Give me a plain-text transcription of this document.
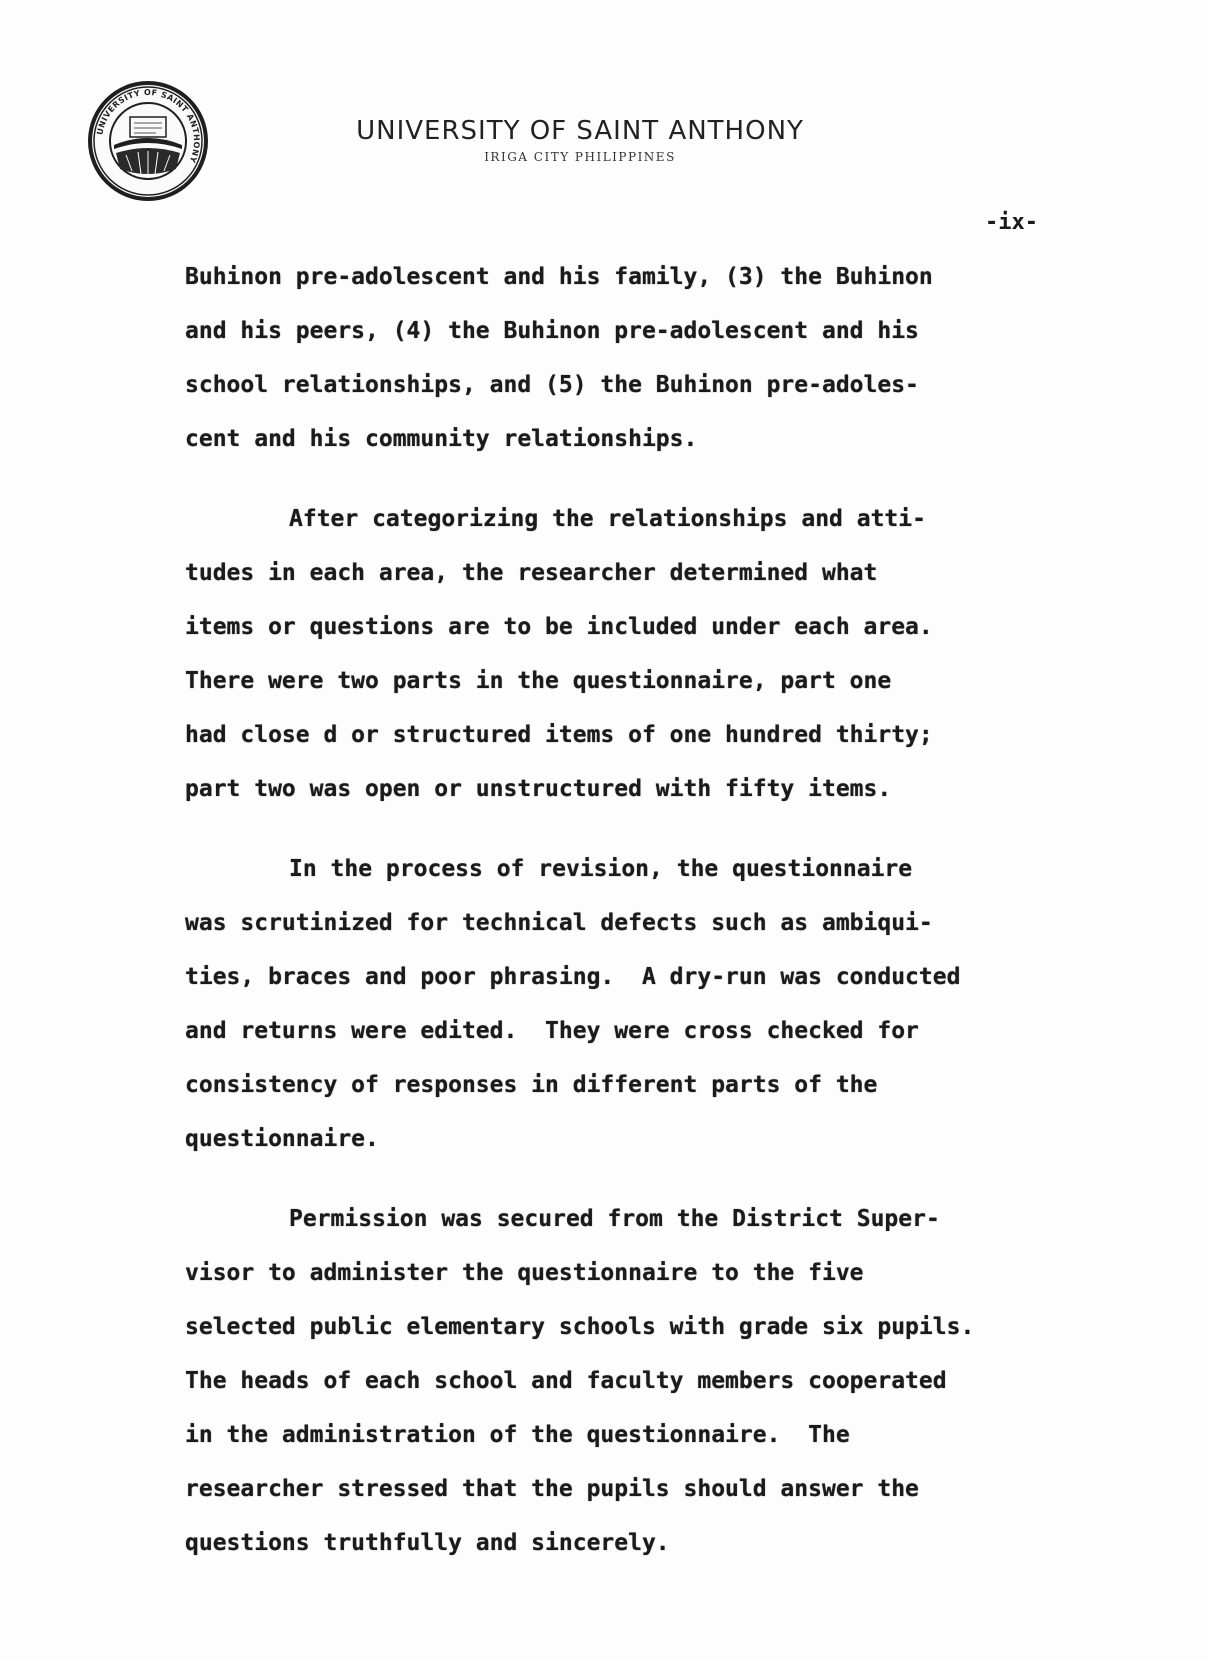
UNIVERSITY OF SAINT ANTHONY
UNIVERSITY OF SAINT ANTHONY
IRIGA CITY PHILIPPINES
-ix-
Buhinon pre-adolescent and his family, (3) the Buhinon
and his peers, (4) the Buhinon pre-adolescent and his
school relationships, and (5) the Buhinon pre-adoles-
cent and his community relationships.
After categorizing the relationships and atti-
tudes in each area, the researcher determined what
items or questions are to be included under each area.
There were two parts in the questionnaire, part one
had close d or structured items of one hundred thirty;
part two was open or unstructured with fifty items.
In the process of revision, the questionnaire
was scrutinized for technical defects such as ambiqui-
ties, braces and poor phrasing.  A dry-run was conducted
and returns were edited.  They were cross checked for
consistency of responses in different parts of the
questionnaire.
Permission was secured from the District Super-
visor to administer the questionnaire to the five
selected public elementary schools with grade six pupils.
The heads of each school and faculty members cooperated
in the administration of the questionnaire.  The
researcher stressed that the pupils should answer the
questions truthfully and sincerely.
